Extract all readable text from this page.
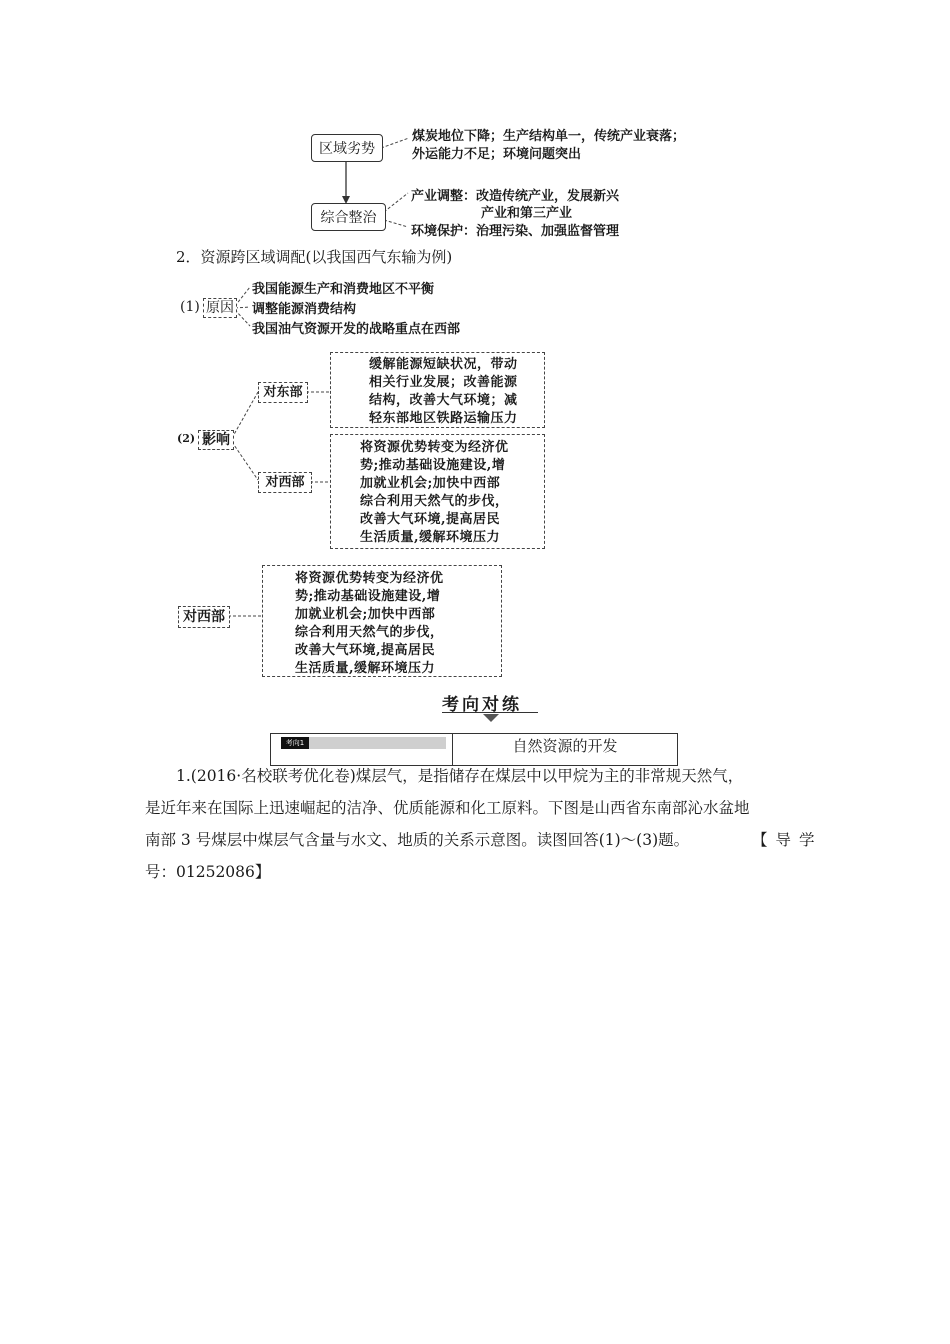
区域劣势
综合整治
煤炭地位下降；生产结构单一，传统产业衰落；
外运能力不足；环境问题突出
产业调整：改造传统产业，发展新兴
产业和第三产业
环境保护：治理污染、加强监督管理
2．资源跨区域调配(以我国西气东输为例)
(1) 原因
我国能源生产和消费地区不平衡
调整能源消费结构
我国油气资源开发的战略重点在西部
(2) 影响
对东部
缓解能源短缺状况，带动
相关行业发展；改善能源
结构，改善大气环境；减
轻东部地区铁路运输压力
对西部
将资源优势转变为经济优
势;推动基础设施建设,增
加就业机会;加快中西部
综合利用天然气的步伐，
改善大气环境,提高居民
生活质量,缓解环境压力
对西部
将资源优势转变为经济优
势;推动基础设施建设,增
加就业机会;加快中西部
综合利用天然气的步伐，
改善大气环境,提高居民
生活质量,缓解环境压力
考向对练
考向1	自然资源的开发
1.(2016·名校联考优化卷)煤层气，是指储存在煤层中以甲烷为主的非常规天然气，
是近年来在国际上迅速崛起的洁净、优质能源和化工原料。下图是山西省东南部沁水盆地
南部 3 号煤层中煤层气含量与水文、地质的关系示意图。读图回答(1)～(3)题。	【导学
号：01252086】
